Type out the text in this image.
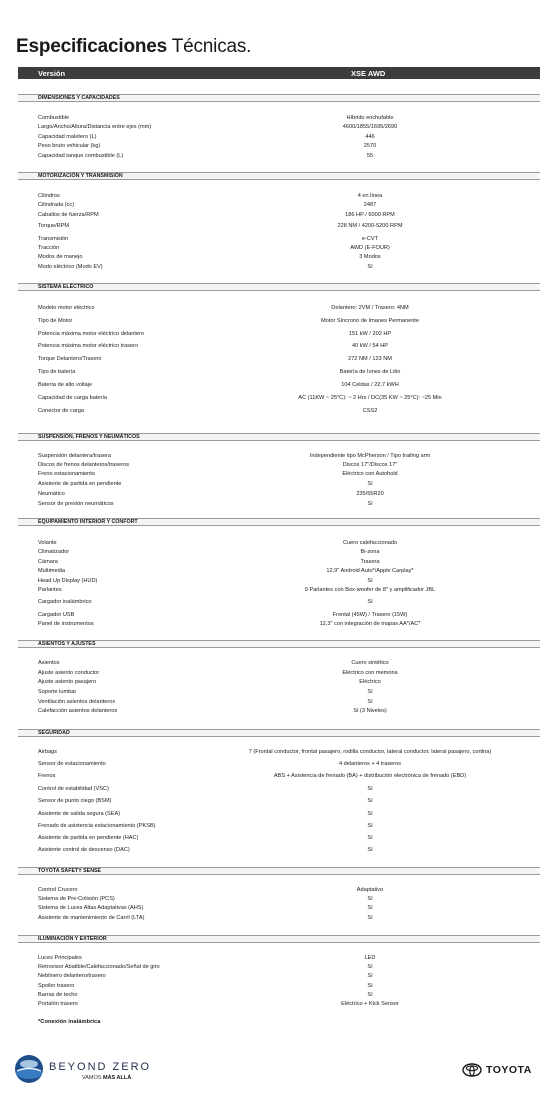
Especificaciones Técnicas.
Versión	XSE AWD
DIMENSIONES Y CAPACIDADES
Combustible	Híbrido enchufable
Largo/Ancho/Altura/Distancia entre ejes (mm)	4600/1855/1695/2690
Capacidad maletero (L)	446
Peso bruto vehicular (kg)	2570
Capacidad tanque combustible (L)	55
MOTORIZACIÓN Y TRANSMISIÓN
Cilindros	4 en línea
Cilindrada (cc)	2487
Caballos de fuerza/RPM	186 HP / 6000 RPM
Torque/RPM	228 NM / 4200-5200 RPM
Transmisión	e-CVT
Tracción	AWD (E-FOUR)
Modos de manejo	3 Modos
Modo eléctrico (Modo EV)	Sí
SISTEMA ELÉCTRICO
Modelo motor eléctrico	Delantero: 2VM / Trasero: 4NM
Tipo de Motor	Motor Síncrono de Imanes Permanente
Potencia máxima motor eléctrico delantero	151 kW / 202 HP
Potencia máxima motor eléctrico trasero	40 kW / 54 HP
Torque Delantero/Trasero	272 NM / 123 NM
Tipo de batería	Batería de Iones de Litio
Batería de alto voltaje	104 Celdas / 22,7 kWH
Capacidad de carga batería	AC (11KW ~ 25°C): ~ 2 Hrs / DC(35 KW ~ 25°C): ~25 Min
Conector de carga	CSS2
SUSPENSIÓN, FRENOS Y NEUMÁTICOS
Suspensión delantera/trasera	Independiente tipo McPherson / Tipo trailing arm
Discos de frenos delanteros/traseros	Discos 17"/Discos 17"
Freno estacionamiento	Eléctrico con Autohold
Asistente de partida en pendiente	Sí
Neumático	235/55R20
Sensor de presión neumáticos	Sí
EQUIPAMIENTO INTERIOR Y CONFORT
Volante	Cuero calefaccionado
Climatizador	Bi-zona
Cámara	Trasera
Multimedia	12,9" Android Auto*/Apple Carplay*
Head Up Display (HUD)	Sí
Parlantes	9 Parlantes con Box-woofer de 8" y amplificador JBL
Cargador inalámbrico	Sí
Cargador USB	Frontal (45W) / Trasero (15W)
Panel de instrumentos	12,3" con integración de mapas AA*/AC*
ASIENTOS Y AJUSTES
Asientos	Cuero sintético
Ajuste asiento conductor	Eléctrico con memoria
Ajuste asiento pasajero	Eléctrico
Soporte lumbar	Sí
Ventilación asientos delanteros	Sí
Calefacción asientos delanteros	Sí (3 Niveles)
SEGURIDAD
Airbags	7 (Frontal conductor, frontal pasajero, rodilla conductor, lateral conductor, lateral pasajero, cortina)
Sensor de estacionamiento	4 delanteros + 4 traseros
Frenos	ABS + Asistencia de frenado (BA) + distribución electrónica de frenado (EBD)
Control de estabilidad (VSC)	Sí
Sensor de punto ciego (BSM)	Sí
Asistente de salida segura (SEA)	Sí
Frenado de asistencia estacionamiento (PKSB)	Sí
Asistente de partida en pendiente (HAC)	Sí
Asistente control de descenso (DAC)	Sí
TOYOTA SAFETY SENSE
Control Crucero	Adaptativo
Sistema de Pre-Colisión (PCS)	Sí
Sistema de Luces Altas Adaptativas (AHS)	Sí
Asistente de mantenimiento de Carril (LTA)	Sí
ILUMINACIÓN Y EXTERIOR
Luces Principales	LED
Retrovisor Abatible/Calefaccionado/Señal de giro	Sí
Neblinero delantero/trasero	Sí
Spoiler trasero	Sí
Barras de techo	Sí
Portalón trasero	Eléctrico + Kick Sensor
*Conexión inalámbrica
BEYOND ZERO
VAMOS MÁS ALLÁ.
TOYOTA
